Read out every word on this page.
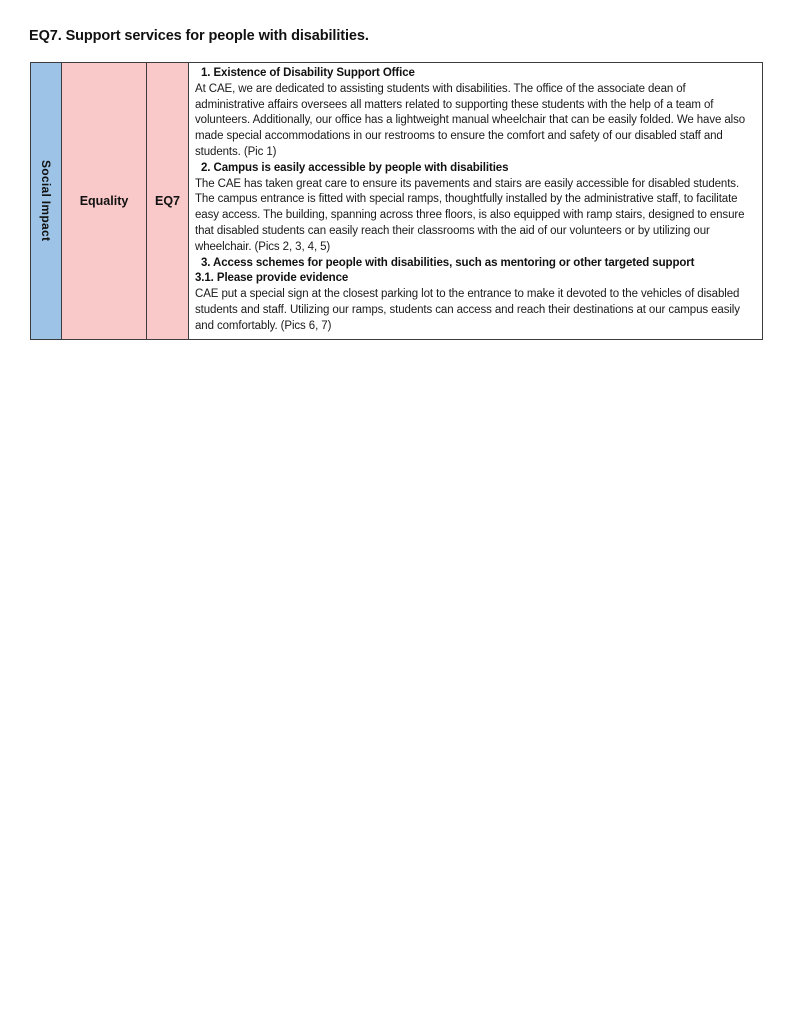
EQ7. Support services for people with disabilities.
Social Impact Equality EQ7
1. Existence of Disability Support Office
At CAE, we are dedicated to assisting students with disabilities. The office of the associate dean of administrative affairs oversees all matters related to supporting these students with the help of a team of volunteers. Additionally, our office has a lightweight manual wheelchair that can be easily folded. We have also made special accommodations in our restrooms to ensure the comfort and safety of our disabled staff and students. (Pic 1)
2. Campus is easily accessible by people with disabilities
The CAE has taken great care to ensure its pavements and stairs are easily accessible for disabled students. The campus entrance is fitted with special ramps, thoughtfully installed by the administrative staff, to facilitate easy access. The building, spanning across three floors, is also equipped with ramp stairs, designed to ensure that disabled students can easily reach their classrooms with the aid of our volunteers or by utilizing our wheelchair. (Pics 2, 3, 4, 5)
3. Access schemes for people with disabilities, such as mentoring or other targeted support
3.1. Please provide evidence
CAE put a special sign at the closest parking lot to the entrance to make it devoted to the vehicles of disabled students and staff. Utilizing our ramps, students can access and reach their destinations at our campus easily and comfortably. (Pics 6, 7)
